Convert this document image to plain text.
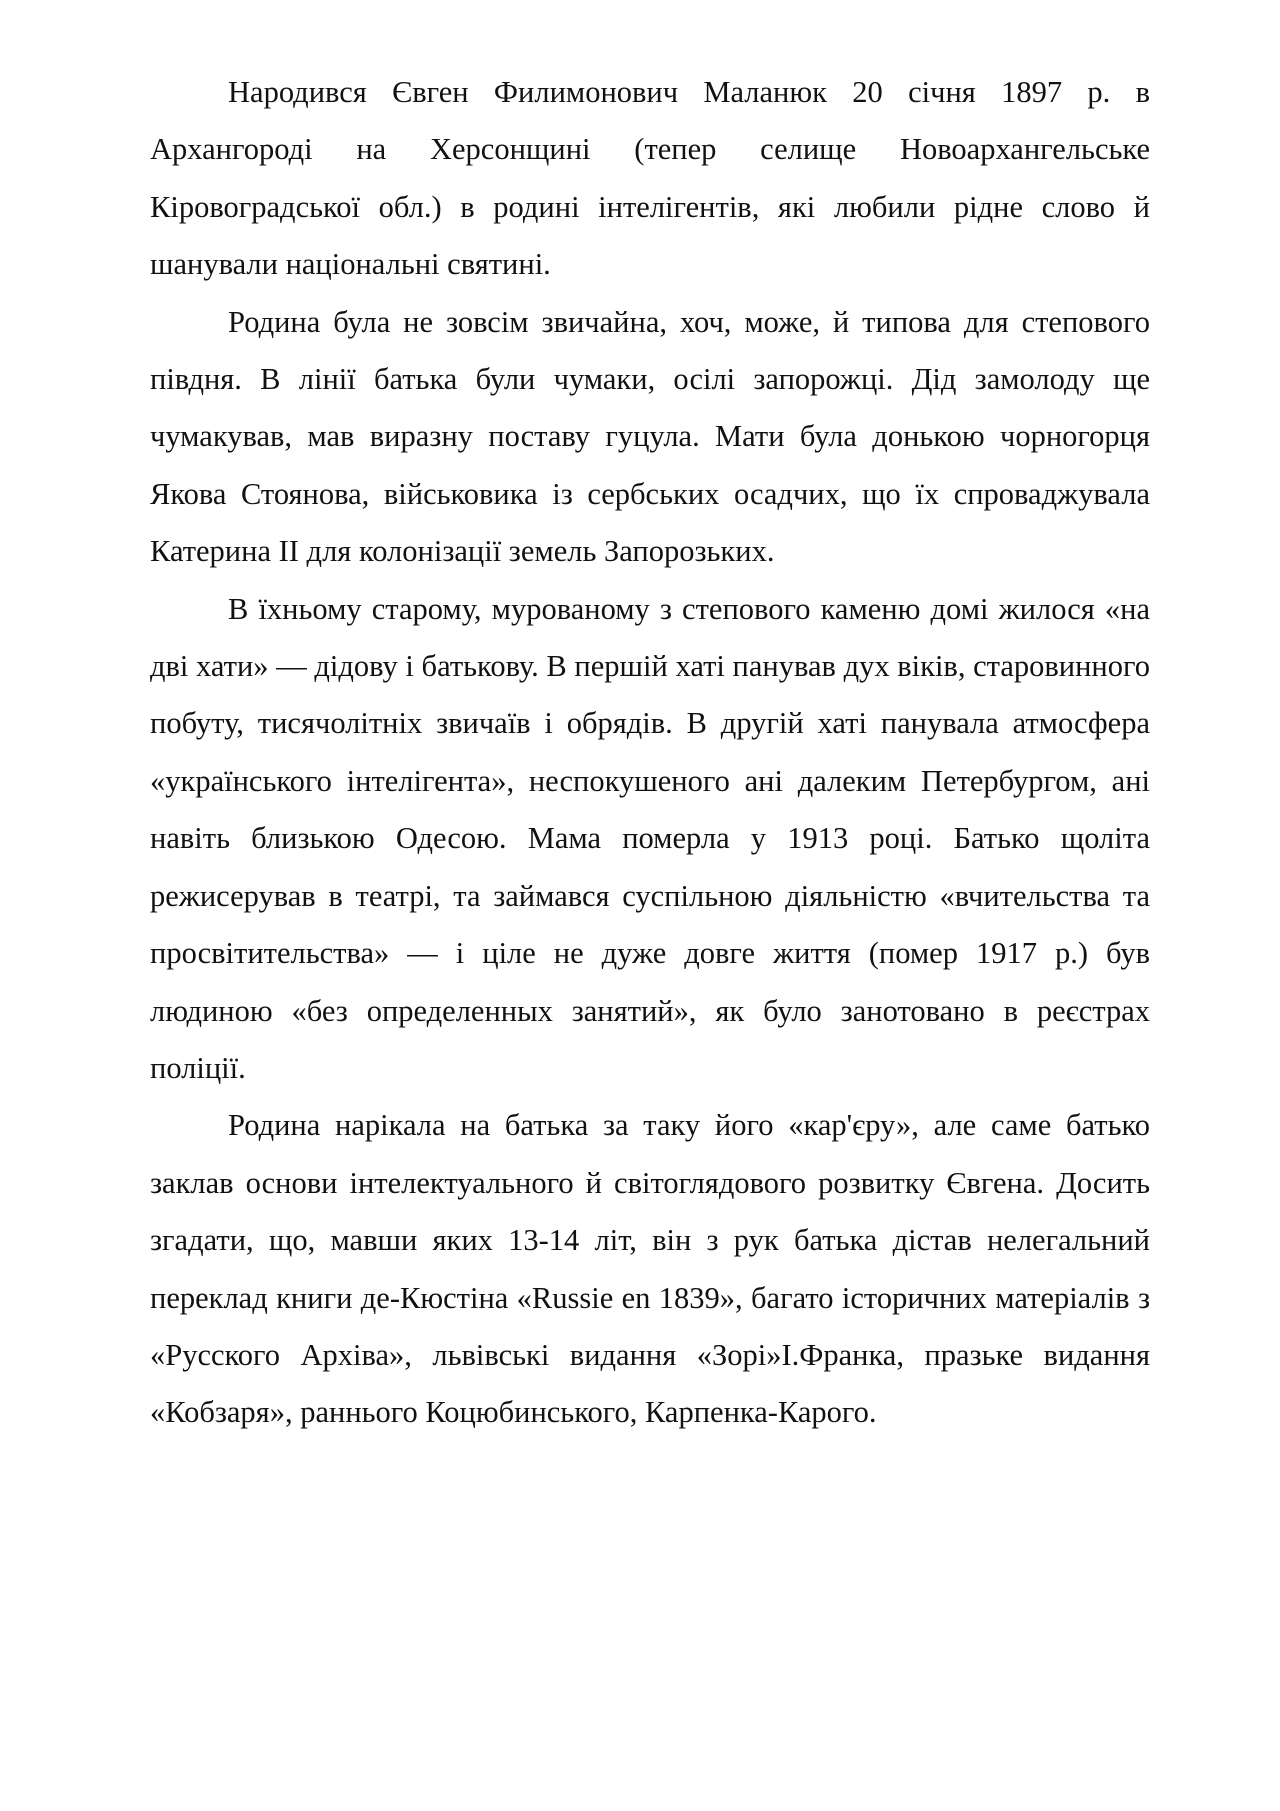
Народився Євген Филимонович Маланюк 20 січня 1897 р. в Архангороді на Херсонщині (тепер селище Новоархангельське Кіровоградської обл.) в родині інтелігентів, які любили рідне слово й шанували національні святині.

Родина була не зовсім звичайна, хоч, може, й типова для степового півдня. В лінії батька були чумаки, осілі запорожці. Дід замолоду ще чумакував, мав виразну поставу гуцула. Мати була донькою чорногорця Якова Стоянова, військовика із сербських осадчих, що їх спроваджувала Катерина II для колонізації земель Запорозьких.

В їхньому старому, мурованому з степового каменю домі жилося «на дві хати» — дідову і батькову. В першій хаті панував дух віків, старовинного побуту, тисячолітніх звичаїв і обрядів. В другій хаті панувала атмосфера «українського інтелігента», неспокушеного ані далеким Петербургом, ані навіть близькою Одесою. Мама померла у 1913 році. Батько щоліта режисерував в театрі, та займався суспільною діяльністю «вчительства та просвітительства» — і ціле не дуже довге життя (помер 1917 р.) був людиною «без определенных занятий», як було занотовано в реєстрах поліції.

Родина нарікала на батька за таку його «кар'єру», але саме батько заклав основи інтелектуального й світоглядового розвитку Євгена. Досить згадати, що, мавши яких 13-14 літ, він з рук батька дістав нелегальний переклад книги де-Кюстіна «Russie en 1839», багато історичних матеріалів з «Русского Архіва», львівські видання «Зорі»І.Франка, празьке видання «Кобзаря», раннього Коцюбинського, Карпенка-Карого.
